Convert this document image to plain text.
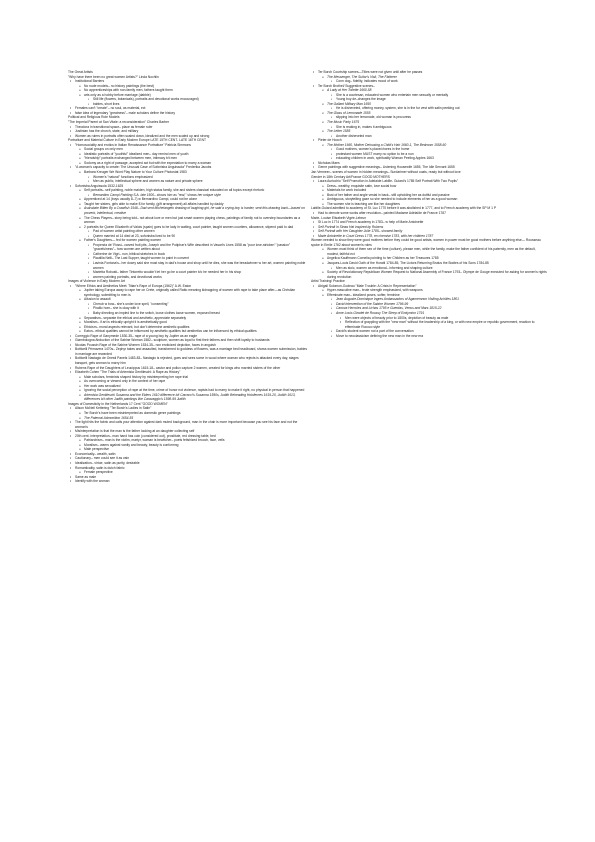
The Great Artists
"Why have there been no great women Artists?" Linda Nochlin
• Institutional Barriers
o No nude models– no history paintings (the best)
o No apprenticeships with non-family men, fathers taught them
o arts only as a hobby before marriage (dabble)
▪ Still life (flowers, botanicals), portraits and devotional works encouraged)
▪ babies, short lives
• Females can't "create"– no soul, as material, ect
• false idea of legendary "greatness"– male scholars define the history
Political and Religious Role Models
"The Imperial Parent at San Vitale: a reconsideration" Charles Barber
• Theodora in transitional space– place as female ruler
• Justinian has the church, state, and military
• Women as rulers in portraits often scaled down, idealized and the men scaled up and strong
Portraiture and Material Culture in Early Modern Europe LATE 15TH CENT- LATE 16TH CENT
• "Homosociality and erotics in Italian Renaissance Portraiture" Patricia Simmons
o Social groups on only men
o Idealistic portraits of "youthful" idealized men– day remind men of youth
o "friendship" portraits exchanged between men, intimacy b/t men
o Sodomy as a right of passage, accepted act but with the expectation to marry a woman
• "A woman's capacity to create: The Unusual Case of Sofonisba Anguissola" Frederika Jacobs
o Barbara Kreuger We Wont Play Nature to Your Culture Photostat 1983
▪ Women's "natural" functions emphasized
▪ Men as public, intellectual sphere and women as nature and private sphere
• Sofonisba Anguissola 1532-1625
o Self portraits– self painting, noble maiden, high status family, she and sisters classical educated on all topics except rhetoric
▪ Bernardino Campi Painting S.A. late 1500– shows him as "real," shows her unique style
o Apprenticed at 14 (boys usually 8–7) w Bernardino Campi, could not be alone
o Taught her sisters, girls able to make $ for family, (gift arrangement) all affairs handled by daddy
o Asdrubale Bitten By a Crawfish 1548– Dad sent Michelangelo drawing of laughing girl, he said a crying boy is harder, sent this drawing back—based on proverb, intellectual, creative
o The Chess Players– story being told– not about love or men but just smart women playing chess, paintings of family not to overstep boundaries as a woman
o 2 portraits for Queen Elizabeth of Valois (spain) goes to be lady in waiting, court painter, taught women courtiers, allowance, stipend paid to dad
▪ Pad of women artist painting other women
▪ Queen married at 14 died at 23, sofonisba lived to be 90
o Father's Daughters— fed for women painting women
▪ Properzia de' Rossi– carved fruit pits, Joseph and the Potiphar's Wife described in Vasari's Lives 1558 as "poor love-stricken" "passion" "gracefulness"– how women are written about
▪ Catherine de Vigri– nun, biblical sketches in book
▪ Plautilla Nelli– The Last Supper, taught women to paint in convent
▪ Lavinia Fontana's– her dowry said she must stay in dad's house and shop until he dies, she was the breadwinner w her art, women painting noble women
▪ Marietta Robusti– father Tintoretto wouldn't let her go be a court painter b/c he needed her in his shop
▪ women painting portraits, and devotional works
Images of Violence in Early Modern Art
• "Where Ethics and Aesthetics Meet: Titian's Rape of Europa (1562)" A.W. Eaton
o Jupiter taking Europa away to rape her on Crete, originally called Ratto meaning kidnapping of women with rape to take place after—as Christian symbology, submitting to men is
o Allusion to assault
▪ Cherub w bow– she's under love spell, "consenting"
▪ Phallic horn– she is okay with it
▪ Baby directing an impled line to the snitch, loose clothes loose women, exposed breast
o Separatism– separate the ethical and aesthetic, appreciate separately
o Moralism– if art is ethically upright it is aesthetically good
o Ethicism– moral aspects relevant, but don't determine aesthetic qualities
o Eaton– ethical qualities cannot be influenced by aesthetic qualities but aesthetics can be influenced by ethical qualities
• Correggio Rape of Ganymede 1530-35– rape of a young boy by Jupiter as an eagle
• Giambologna Abduction of the Sabine Woman 1582– sculpture, women as loyal to first their fathers and then shift loyalty to husbands
• Nicolas Poussin Rape of the Sabine Women 1534-35– non eroticized depiction, faces in anguish
• Botticelli Primavera 1470s– Zephyr takes and assaulted, transformed to goddess of flowers, was a marriage bed headboard, shows women submission, babies in marriage are rewarded
• Botticelli Nastagio de Onesti Panels 1483-83– Nastagio is rejected, goes and sees some in wood where woman who rejects is attacked every day, stages banquet, gets woman to marry him
• Rubens Rape of the Daughters of Leucippus 1615-18– castor and pollux capture 2 women, created for kings who married sisters of the other
• Elizabeth Cohen "The Trials of Artemisia Gentileschi: A Rape as History"
o Male scholars, feminists shaped history by misinterpreting her rape trial
o As overcoming or viewed only in the context of her rape
o Her work was sexualized
o Ignoring the social perception of rape at the time, crime of honor not violence, rapists had to marry to make it right, no physical in person that happened
o Artemisia Gentileschi Susanna and the Elders 1610 difference b/t Carracci's Susanna 1590s, Judith Beheading Holofernes 1619-20, Judith 1613, differences b/t other Judith paintings like Caravaggio's 1598-99 Judith
Images of Domesticity in the Netherlands 17 Cent "GOOD WOMEN"
• Alison McNeil Kettering "Ter Borch's Ladies in Satin"
o Ter Borch's have been misinterpreted as domestic genre paintings
o The Paternal Admonition 1654-55
• The light hits the fabric and calls your attention against dark muted background, man in the chair is more important because you see his face and not the woman's
• Misinterpretation is that the man is the father looking at an daughter collecting self
• 20th cent. interpretation– man hand has coin (considered out), prostitute, red dressing table, bed
o Patriarchism– man is the victim, martyr, woman is bewitcher– poets fetishized brooch, face, veils
o Moralism– warns against vanity and beauty, beauty is conformng
o Male perspective
• Economically– wealth, satin
• Cautionary– men could see it as vain
• Idealization– virtue, satin as purity, desirable
• Romanticality, satin is dutch fabric
o Female perspective
• Same as male
• Identify with the woman
• Ter Borch Courtship scenes—Titles were not given until after he passes
o The Messenger, The Suitor's Visit, The Flatterer
▪ Conn dog– fidelity, indicates mood of work
• Ter Borch Brothel/ Suggestive scenes–
o A Lady at Her Toilette 1660-58
▪ She is a courtesan, educated women who entertain men sexually or mentally
▪ Young boy de–changes the image
o The Gallant Military Man 1650
▪ He is disheveled, offering money, system, she is in the fur vest with satin peeking out
o The Glass of Lemonade 1555
▪ slipping into her lemonade, old woman is procuress
o The Music Party 1675
▪ She is reaking in, makes it ambiguous
o The Letter 1585
▪ Another disheveled man
• Pieter de Hooch
o The Mother 1660, Mother Delousing a Child's Hair 1660-1, The Bedroom 1558-60
▪ Good mothers, women's place/chores in the home
▪ protestant women MUST marry no option to be a nun
▪ educating children in work, spirituality Woman Peeling Apples 1663
• Nicholas Maes
• Genre paintings with suggestive meanings– Listening Housewife 1655, The Idle Servant 1655
Jan Vermeer– scenes of women in hidden meanings– Surdarimer without coats, ready but without love
Gender in 18th Century Art/France GOOD MOTHERS
• Laura Auricchio "Self Promotion in Adelaide Labille- Guiard's 1785 Self Portrait With Two Pupils"
o Dress– wealthy, exquisite satin, love social bow
o Materials for work included
o Bust of her father and angle vestal in back– still upholding her as dutiful and passive
o Ambiguous, storytelling gaze so she needed to include elements of her as a good woman
o The women she is teaching are like her daughters
Labille-Guiard admitted to academy of St. Luc 1770 before it was abolished in 1777, and to French academy with the SP M 1 P
• Had to demote some works after revolution– painted Madame Adélaïde de France 1787
Marie- Louise Elisabeth Vigée-Lebrun
• St Luc in 1774 and French academy in 1783– w help of Marie Antoinette
• Self Portrait in Straw Hat inspired by Rubens
• Self Portrait with Her Daughter Julie 1785– showed family
• Marie Antoinette in Court Dress 1778, en chemise 1783, with her children 1787
Women needed to show they were good mothers before they could be good artists, women in power must be good mothers before anything else— Rousseau spoke in Emile 1762 about women's roles
o Women must think of them sex of the time (culture), please men, while the family, make the father confident of his paternity, men as the default, modest, faithful ect
o Angelica Kauffmann Cornelia pointing to her Children as her Treasures 1785
o Jacques-Louis David Oath of the Horatii 1784-85, The Lictors Returning Brutus the Bodies of his Sons 1784-85
▪ Men as stoic, women as emotional– informing and shaping culture
o Society of Revolutionary Republican Women Request to National Assembly of France 1793– Olympe de Gouge executed for asking for women's rights during revolution
Artist Training/ Practice
• Abigail Solomon-Godeau "Male Trouble: A Crisis in Representation"
o Hyper-masculine man– brute strength emphasized, with weapons
o Effeminate man– idealized poses, softer, feminine
▪ Jean Auguste-Dominique Ingres Ambassadors of Agamemnon Visiting Achilles 1801
▪ David Intervention of the Sabine Women 1796-99
▪ Canova Hercules and Lichas 1795 e Guerdas, Venus and Mars 1815-22
▪ Anne Louis Girodet de Roussy The Sleep of Endymion 1791
• Men were objects of beauty prior to 1800s, depiction of beauty as male
• Reflection of grappling with the "new man" without the leadership of a king, or with new empire or republic government, reaction to effeminate Rococo style
▪ David's student women not a part of the conversation
▪ Move to neoclassicism defining the new man in the new era
